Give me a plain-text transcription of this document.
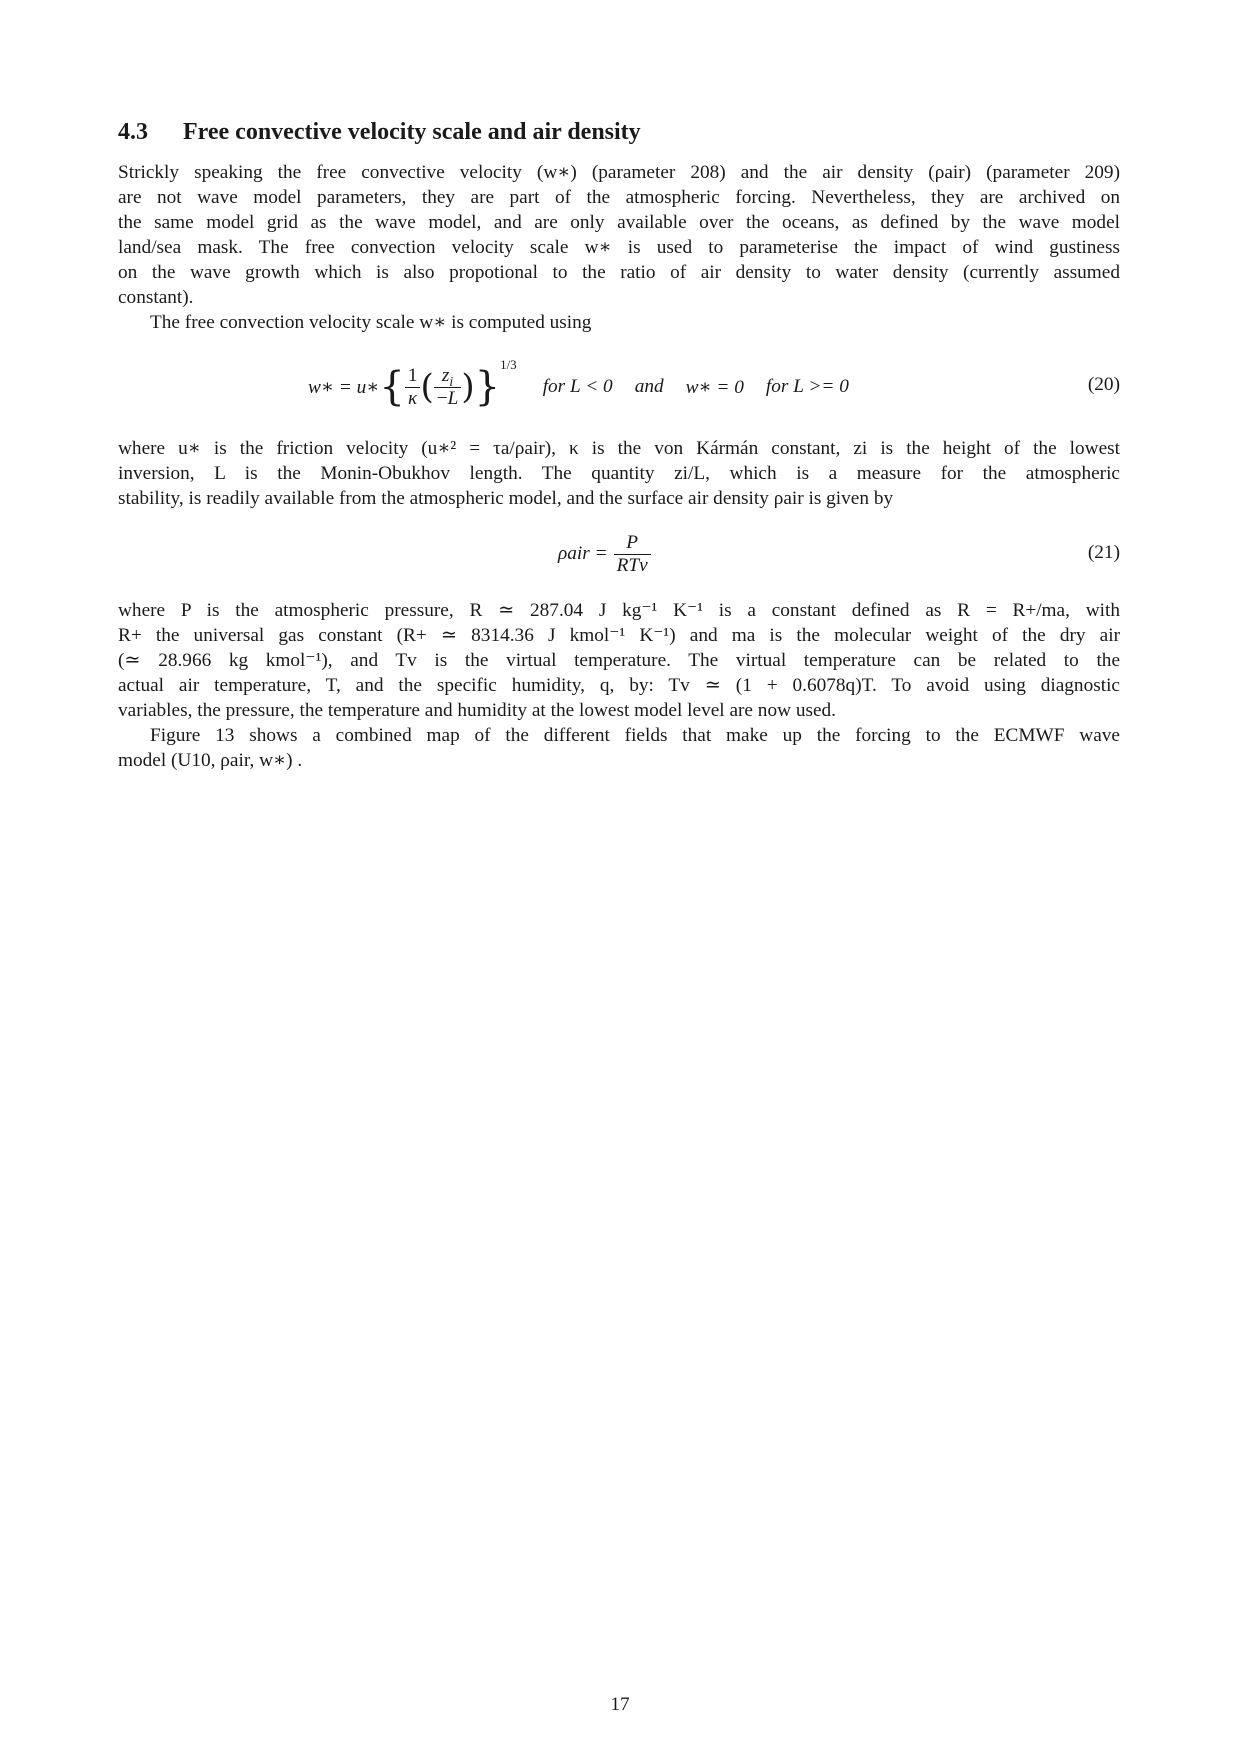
4.3 Free convective velocity scale and air density
Strickly speaking the free convective velocity (w∗) (parameter 208) and the air density (ρair) (parameter 209)
are not wave model parameters, they are part of the atmospheric forcing. Nevertheless, they are archived on
the same model grid as the wave model, and are only available over the oceans, as defined by the wave model
land/sea mask. The free convection velocity scale w∗ is used to parameterise the impact of wind gustiness
on the wave growth which is also propotional to the ratio of air density to water density (currently assumed
constant).
The free convection velocity scale w∗ is computed using
w∗ = u∗ { $\frac{1}{\kappa}$ ( $\frac{z_i}{-L}$ ) } 1/3
for L < 0 and w∗ = 0 for L >= 0	(20)
where u∗ is the friction velocity (u∗² = τa/ρair), κ is the von Kármán constant, zi is the height of the lowest
inversion, L is the Monin-Obukhov length. The quantity zi/L, which is a measure for the atmospheric
stability, is readily available from the atmospheric model, and the surface air density ρair is given by
$\rho air = \frac{P}{\text{RTv}}$	(21)
where P is the atmospheric pressure, R ≃ 287.04 J kg⁻¹ K⁻¹ is a constant defined as R = R+/ma, with
R+ the universal gas constant (R+ ≃ 8314.36 J kmol⁻¹ K⁻¹) and ma is the molecular weight of the dry air
(≃ 28.966 kg kmol⁻¹), and Tv is the virtual temperature. The virtual temperature can be related to the
actual air temperature, T, and the specific humidity, q, by: Tv ≃ (1 + 0.6078q)T. To avoid using diagnostic
variables, the pressure, the temperature and humidity at the lowest model level are now used.
Figure 13 shows a combined map of the different fields that make up the forcing to the ECMWF wave
model (U10, ρair, w∗) .
17
